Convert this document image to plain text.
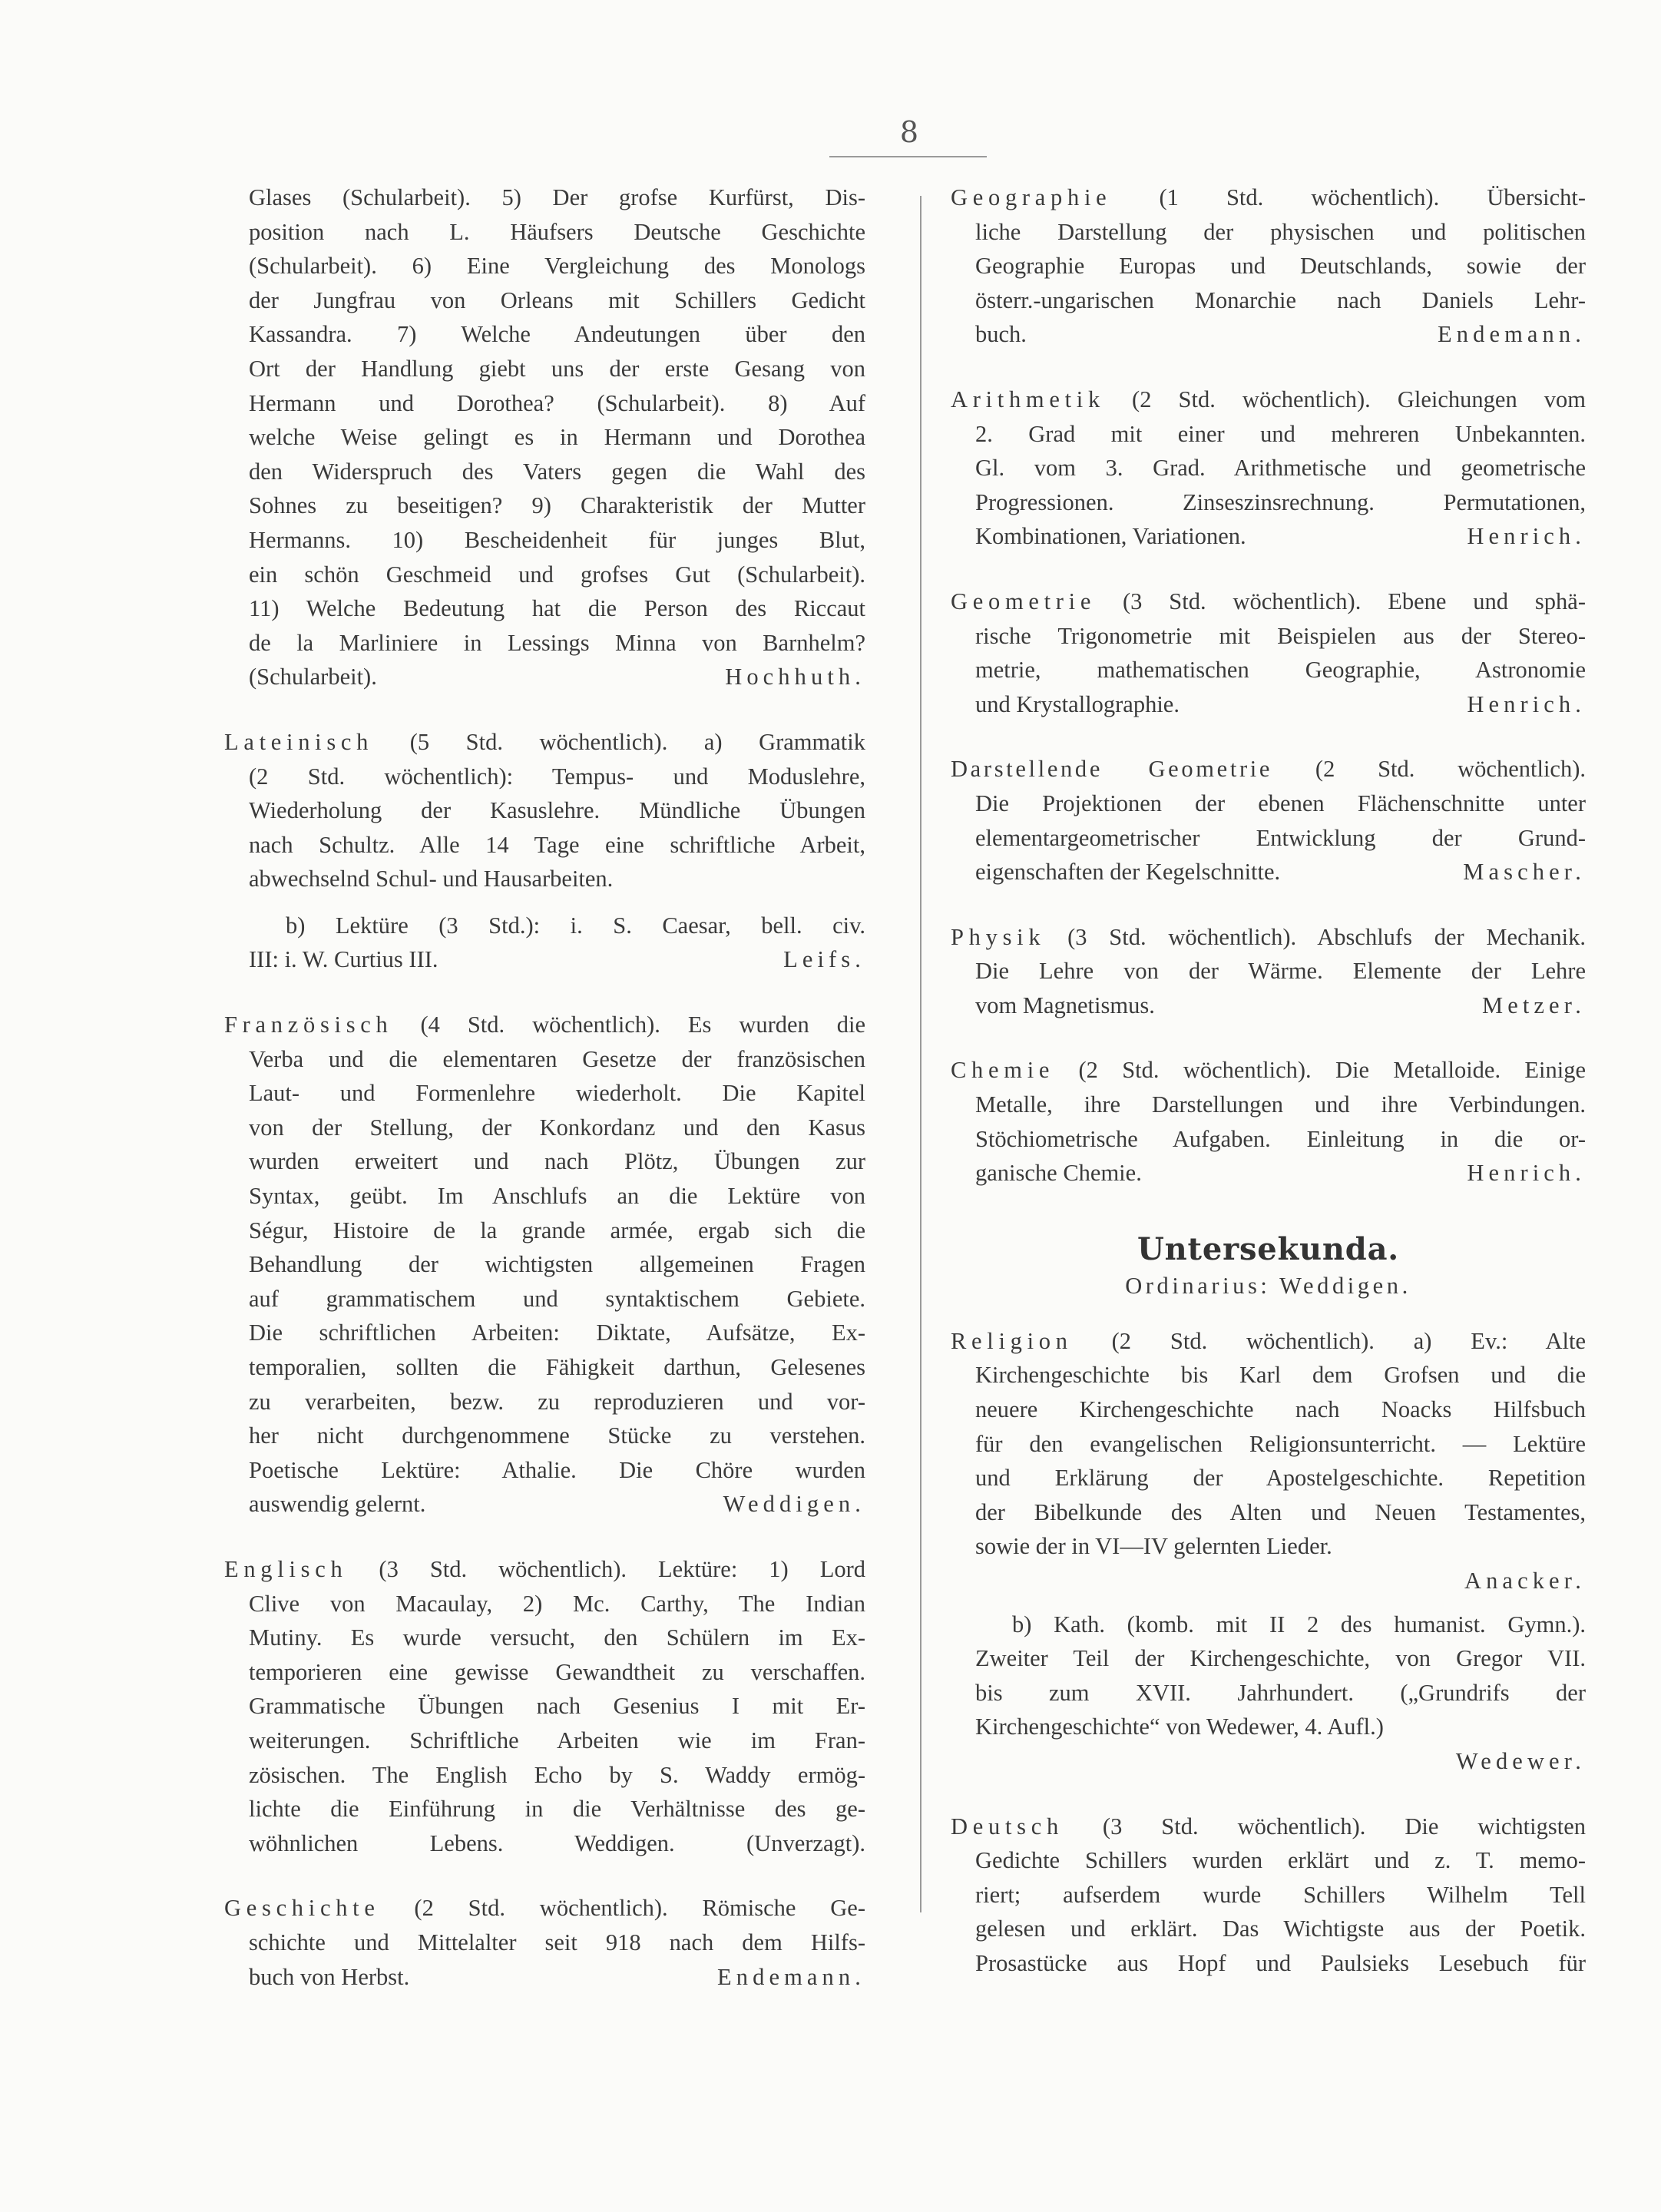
8
Glases (Schularbeit). 5) Der grofse Kurfürst, Dis-
position nach L. Häufsers Deutsche Geschichte
(Schularbeit). 6) Eine Vergleichung des Monologs
der Jungfrau von Orleans mit Schillers Gedicht
Kassandra. 7) Welche Andeutungen über den
Ort der Handlung giebt uns der erste Gesang von
Hermann und Dorothea? (Schularbeit). 8) Auf
welche Weise gelingt es in Hermann und Dorothea
den Widerspruch des Vaters gegen die Wahl des
Sohnes zu beseitigen? 9) Charakteristik der Mutter
Hermanns. 10) Bescheidenheit für junges Blut,
ein schön Geschmeid und grofses Gut (Schularbeit).
11) Welche Bedeutung hat die Person des Riccaut
de la Marliniere in Lessings Minna von Barnhelm?
(Schularbeit).	Hochhuth.
Lateinisch (5 Std. wöchentlich). a) Grammatik
(2 Std. wöchentlich): Tempus- und Moduslehre,
Wiederholung der Kasuslehre. Mündliche Übungen
nach Schultz. Alle 14 Tage eine schriftliche Arbeit,
abwechselnd Schul- und Hausarbeiten.
b) Lektüre (3 Std.): i. S. Caesar, bell. civ.
III: i. W. Curtius III.	Leifs.
Französisch (4 Std. wöchentlich). Es wurden die
Verba und die elementaren Gesetze der französischen
Laut- und Formenlehre wiederholt. Die Kapitel
von der Stellung, der Konkordanz und den Kasus
wurden erweitert und nach Plötz, Übungen zur
Syntax, geübt. Im Anschlufs an die Lektüre von
Ségur, Histoire de la grande armée, ergab sich die
Behandlung der wichtigsten allgemeinen Fragen
auf grammatischem und syntaktischem Gebiete.
Die schriftlichen Arbeiten: Diktate, Aufsätze, Ex-
temporalien, sollten die Fähigkeit darthun, Gelesenes
zu verarbeiten, bezw. zu reproduzieren und vor-
her nicht durchgenommene Stücke zu verstehen.
Poetische Lektüre: Athalie. Die Chöre wurden
auswendig gelernt.	Weddigen.
Englisch (3 Std. wöchentlich). Lektüre: 1) Lord
Clive von Macaulay, 2) Mc. Carthy, The Indian
Mutiny. Es wurde versucht, den Schülern im Ex-
temporieren eine gewisse Gewandtheit zu verschaffen.
Grammatische Übungen nach Gesenius I mit Er-
weiterungen. Schriftliche Arbeiten wie im Fran-
zösischen. The English Echo by S. Waddy ermög-
lichte die Einführung in die Verhältnisse des ge-
wöhnlichen Lebens. Weddigen. (Unverzagt).
Geschichte (2 Std. wöchentlich). Römische Ge-
schichte und Mittelalter seit 918 nach dem Hilfs-
buch von Herbst.	Endemann.
Geographie (1 Std. wöchentlich). Übersicht-
liche Darstellung der physischen und politischen
Geographie Europas und Deutschlands, sowie der
österr.-ungarischen Monarchie nach Daniels Lehr-
buch.	Endemann.
Arithmetik (2 Std. wöchentlich). Gleichungen vom
2. Grad mit einer und mehreren Unbekannten.
Gl. vom 3. Grad. Arithmetische und geometrische
Progressionen. Zinseszinsrechnung. Permutationen,
Kombinationen, Variationen.	Henrich.
Geometrie (3 Std. wöchentlich). Ebene und sphä-
rische Trigonometrie mit Beispielen aus der Stereo-
metrie, mathematischen Geographie, Astronomie
und Krystallographie.	Henrich.
Darstellende Geometrie (2 Std. wöchentlich).
Die Projektionen der ebenen Flächenschnitte unter
elementargeometrischer Entwicklung der Grund-
eigenschaften der Kegelschnitte.	Mascher.
Physik (3 Std. wöchentlich). Abschlufs der Mechanik.
Die Lehre von der Wärme. Elemente der Lehre
vom Magnetismus.	Metzer.
Chemie (2 Std. wöchentlich). Die Metalloide. Einige
Metalle, ihre Darstellungen und ihre Verbindungen.
Stöchiometrische Aufgaben. Einleitung in die or-
ganische Chemie.	Henrich.
Untersekunda.
Ordinarius: Weddigen.
Religion (2 Std. wöchentlich). a) Ev.: Alte
Kirchengeschichte bis Karl dem Grofsen und die
neuere Kirchengeschichte nach Noacks Hilfsbuch
für den evangelischen Religionsunterricht. — Lektüre
und Erklärung der Apostelgeschichte. Repetition
der Bibelkunde des Alten und Neuen Testamentes,
sowie der in VI—IV gelernten Lieder.
Anacker.
b) Kath. (komb. mit II 2 des humanist. Gymn.).
Zweiter Teil der Kirchengeschichte, von Gregor VII.
bis zum XVII. Jahrhundert. („Grundrifs der
Kirchengeschichte“ von Wedewer, 4. Aufl.)
Wedewer.
Deutsch (3 Std. wöchentlich). Die wichtigsten
Gedichte Schillers wurden erklärt und z. T. memo-
riert; aufserdem wurde Schillers Wilhelm Tell
gelesen und erklärt. Das Wichtigste aus der Poetik.
Prosastücke aus Hopf und Paulsieks Lesebuch für
